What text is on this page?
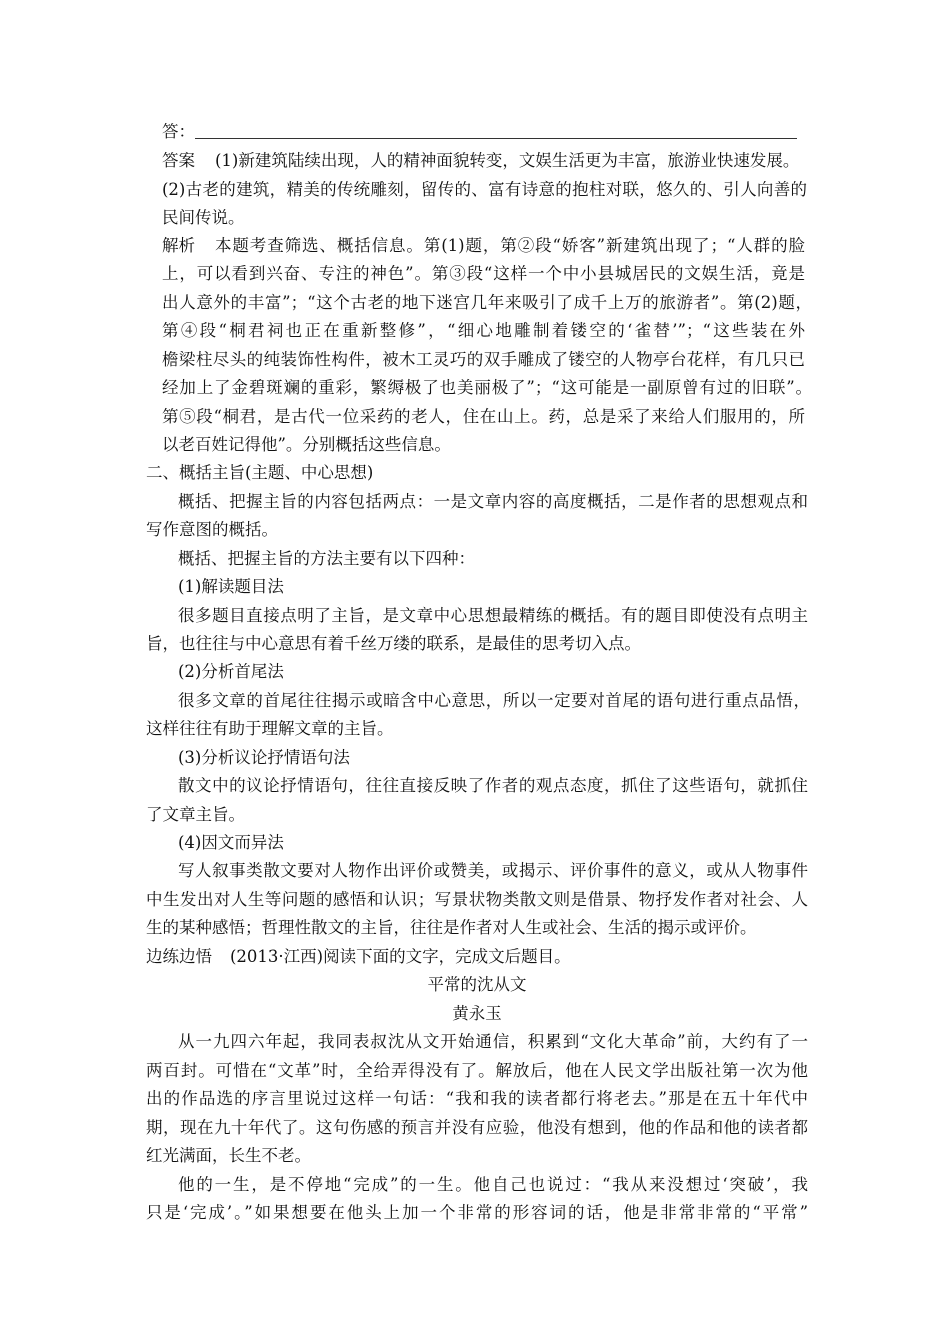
答：
答案 (1)新建筑陆续出现，人的精神面貌转变，文娱生活更为丰富，旅游业快速发展。
(2)古老的建筑，精美的传统雕刻，留传的、富有诗意的抱柱对联，悠久的、引人向善的
民间传说。
解析 本题考查筛选、概括信息。第(1)题，第②段“娇客”新建筑出现了；“人群的脸
上，可以看到兴奋、专注的神色”。第③段“这样一个中小县城居民的文娱生活，竟是
出人意外的丰富”；“这个古老的地下迷宫几年来吸引了成千上万的旅游者”。第(2)题，
第④段“桐君祠也正在重新整修”，“细心地雕制着镂空的‘雀替’”；“这些装在外
檐梁柱尽头的纯装饰性构件，被木工灵巧的双手雕成了镂空的人物亭台花样，有几只已
经加上了金碧斑斓的重彩，繁缛极了也美丽极了”；“这可能是一副原曾有过的旧联”。
第⑤段“桐君，是古代一位采药的老人，住在山上。药，总是采了来给人们服用的，所
以老百姓记得他”。分别概括这些信息。
二、概括主旨(主题、中心思想)
概括、把握主旨的内容包括两点：一是文章内容的高度概括，二是作者的思想观点和
写作意图的概括。
概括、把握主旨的方法主要有以下四种：
(1)解读题目法
很多题目直接点明了主旨，是文章中心思想最精练的概括。有的题目即使没有点明主
旨，也往往与中心意思有着千丝万缕的联系，是最佳的思考切入点。
(2)分析首尾法
很多文章的首尾往往揭示或暗含中心意思，所以一定要对首尾的语句进行重点品悟，
这样往往有助于理解文章的主旨。
(3)分析议论抒情语句法
散文中的议论抒情语句，往往直接反映了作者的观点态度，抓住了这些语句，就抓住
了文章主旨。
(4)因文而异法
写人叙事类散文要对人物作出评价或赞美，或揭示、评价事件的意义，或从人物事件
中生发出对人生等问题的感悟和认识；写景状物类散文则是借景、物抒发作者对社会、人
生的某种感悟；哲理性散文的主旨，往往是作者对人生或社会、生活的揭示或评价。
边练边悟 (2013·江西)阅读下面的文字，完成文后题目。
平常的沈从文
黄永玉
从一九四六年起，我同表叔沈从文开始通信，积累到“文化大革命”前，大约有了一
两百封。可惜在“文革”时，全给弄得没有了。解放后，他在人民文学出版社第一次为他
出的作品选的序言里说过这样一句话：“我和我的读者都行将老去。”那是在五十年代中
期，现在九十年代了。这句伤感的预言并没有应验，他没有想到，他的作品和他的读者都
红光满面，长生不老。
他的一生，是不停地“完成”的一生。他自己也说过：“我从来没想过‘突破’，我
只是‘完成’。”如果想要在他头上加一个非常的形容词的话，他是非常非常的“平常”
